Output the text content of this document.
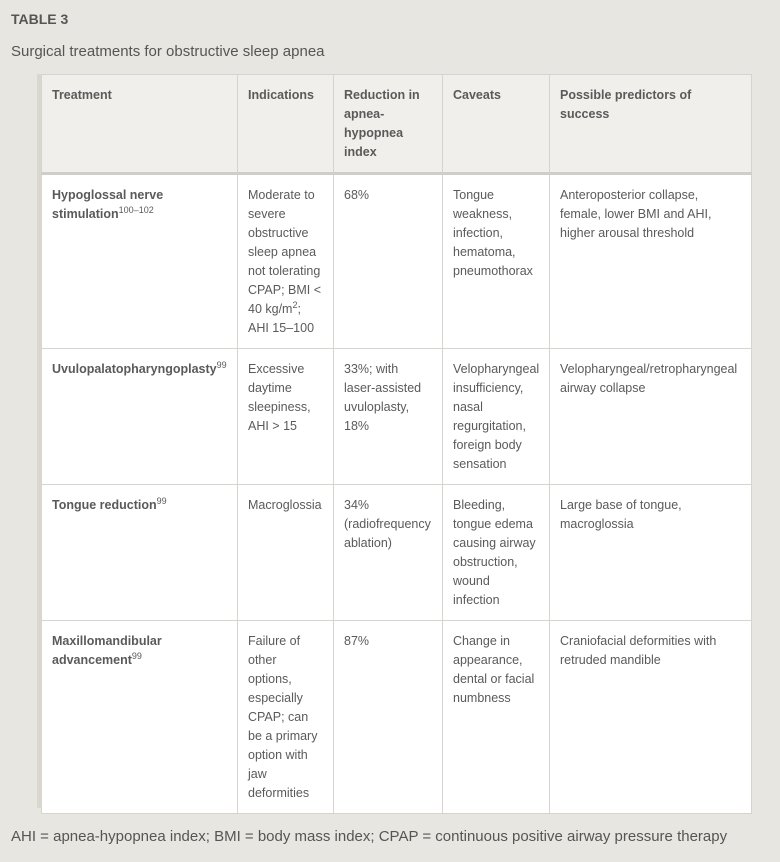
TABLE 3
Surgical treatments for obstructive sleep apnea
Treatment	Indications	Reduction in apnea-hypopnea index	Caveats	Possible predictors of success
Hypoglossal nerve stimulation$^{100-102}$	Moderate to severe obstructive sleep apnea not tolerating CPAP; BMI < 40 $kg/m^2$; AHI 15–100	68%	Tongue weakness, infection, hematoma, pneumothorax	Anteroposterior collapse, female, lower BMI and AHI, higher arousal threshold
Uvulopalatopharyngoplasty$^{99}$	Excessive daytime sleepiness, AHI > 15	33%; with laser-assisted uvuloplasty, 18%	Velopharyngeal insufficiency, nasal regurgitation, foreign body sensation	Velopharyngeal/retropharyngeal airway collapse
Tongue reduction$^{99}$	Macroglossia	34% (radiofrequency ablation)	Bleeding, tongue edema causing airway obstruction, wound infection	Large base of tongue, macroglossia
Maxillomandibular advancement$^{99}$	Failure of other options, especially CPAP; can be a primary option with jaw deformities	87%	Change in appearance, dental or facial numbness	Craniofacial deformities with retruded mandible
AHI = apnea-hypopnea index; BMI = body mass index; CPAP = continuous positive airway pressure therapy
